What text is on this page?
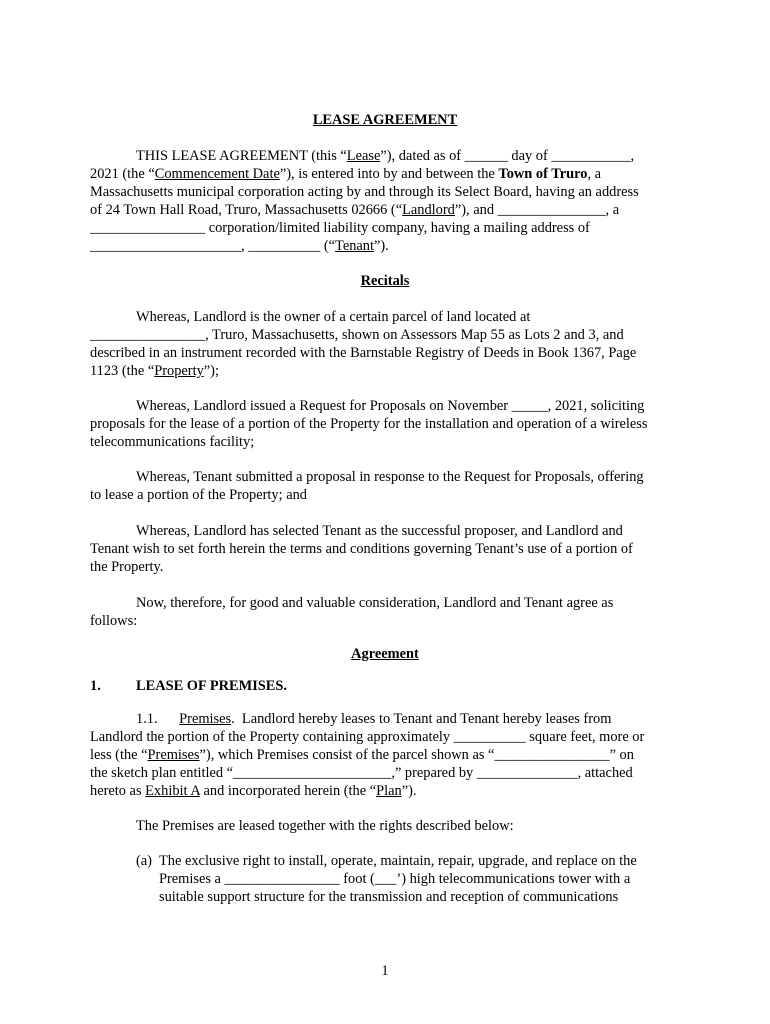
LEASE AGREEMENT
THIS LEASE AGREEMENT (this “Lease”), dated as of ______ day of ___________,
2021 (the “Commencement Date”), is entered into by and between the Town of Truro, a
Massachusetts municipal corporation acting by and through its Select Board, having an address
of 24 Town Hall Road, Truro, Massachusetts 02666 (“Landlord”), and _______________, a
________________ corporation/limited liability company, having a mailing address of
_____________________, __________ (“Tenant”).
Recitals
Whereas, Landlord is the owner of a certain parcel of land located at
________________, Truro, Massachusetts, shown on Assessors Map 55 as Lots 2 and 3, and
described in an instrument recorded with the Barnstable Registry of Deeds in Book 1367, Page
1123 (the “Property”);
Whereas, Landlord issued a Request for Proposals on November _____, 2021, soliciting
proposals for the lease of a portion of the Property for the installation and operation of a wireless
telecommunications facility;
Whereas, Tenant submitted a proposal in response to the Request for Proposals, offering
to lease a portion of the Property; and
Whereas, Landlord has selected Tenant as the successful proposer, and Landlord and
Tenant wish to set forth herein the terms and conditions governing Tenant’s use of a portion of
the Property.
Now, therefore, for good and valuable consideration, Landlord and Tenant agree as
follows:
Agreement
1. LEASE OF PREMISES.
1.1.      Premises.  Landlord hereby leases to Tenant and Tenant hereby leases from
Landlord the portion of the Property containing approximately __________ square feet, more or
less (the “Premises”), which Premises consist of the parcel shown as “________________” on
the sketch plan entitled “______________________,” prepared by ______________, attached
hereto as Exhibit A and incorporated herein (the “Plan”).
The Premises are leased together with the rights described below:
(a) The exclusive right to install, operate, maintain, repair, upgrade, and replace on the
Premises a ________________ foot (___’) high telecommunications tower with a
suitable support structure for the transmission and reception of communications
1
